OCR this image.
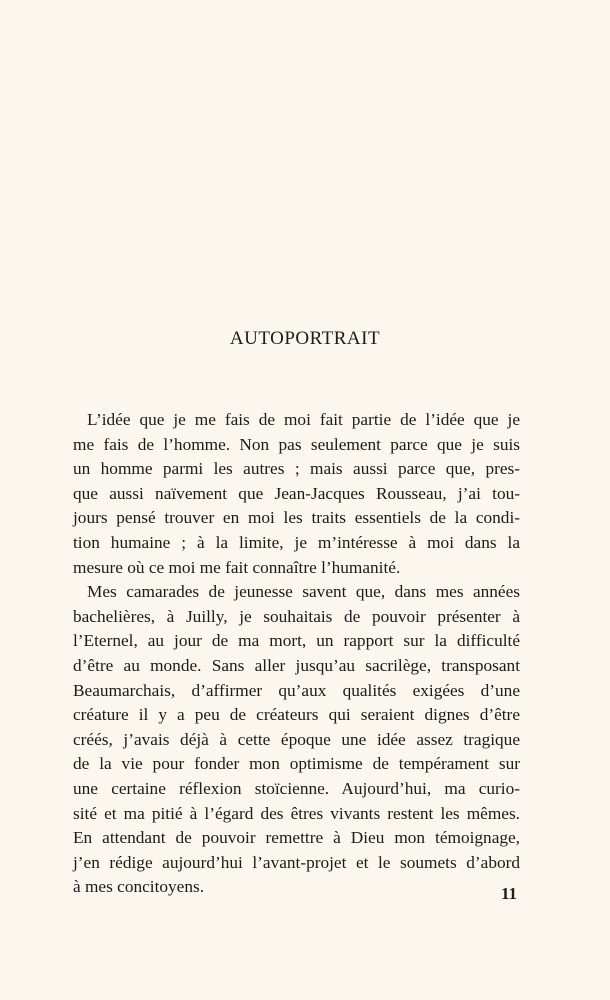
AUTOPORTRAIT
L’idée que je me fais de moi fait partie de l’idée que je
me fais de l’homme. Non pas seulement parce que je suis
un homme parmi les autres ; mais aussi parce que, pres-
que aussi naïvement que Jean-Jacques Rousseau, j’ai tou-
jours pensé trouver en moi les traits essentiels de la condi-
tion humaine ; à la limite, je m’intéresse à moi dans la
mesure où ce moi me fait connaître l’humanité.
Mes camarades de jeunesse savent que, dans mes années
bachelières, à Juilly, je souhaitais de pouvoir présenter à
l’Eternel, au jour de ma mort, un rapport sur la difficulté
d’être au monde. Sans aller jusqu’au sacrilège, transposant
Beaumarchais, d’affirmer qu’aux qualités exigées d’une
créature il y a peu de créateurs qui seraient dignes d’être
créés, j’avais déjà à cette époque une idée assez tragique
de la vie pour fonder mon optimisme de tempérament sur
une certaine réflexion stoïcienne. Aujourd’hui, ma curio-
sité et ma pitié à l’égard des êtres vivants restent les mêmes.
En attendant de pouvoir remettre à Dieu mon témoignage,
j’en rédige aujourd’hui l’avant-projet et le soumets d’abord
à mes concitoyens.	11
